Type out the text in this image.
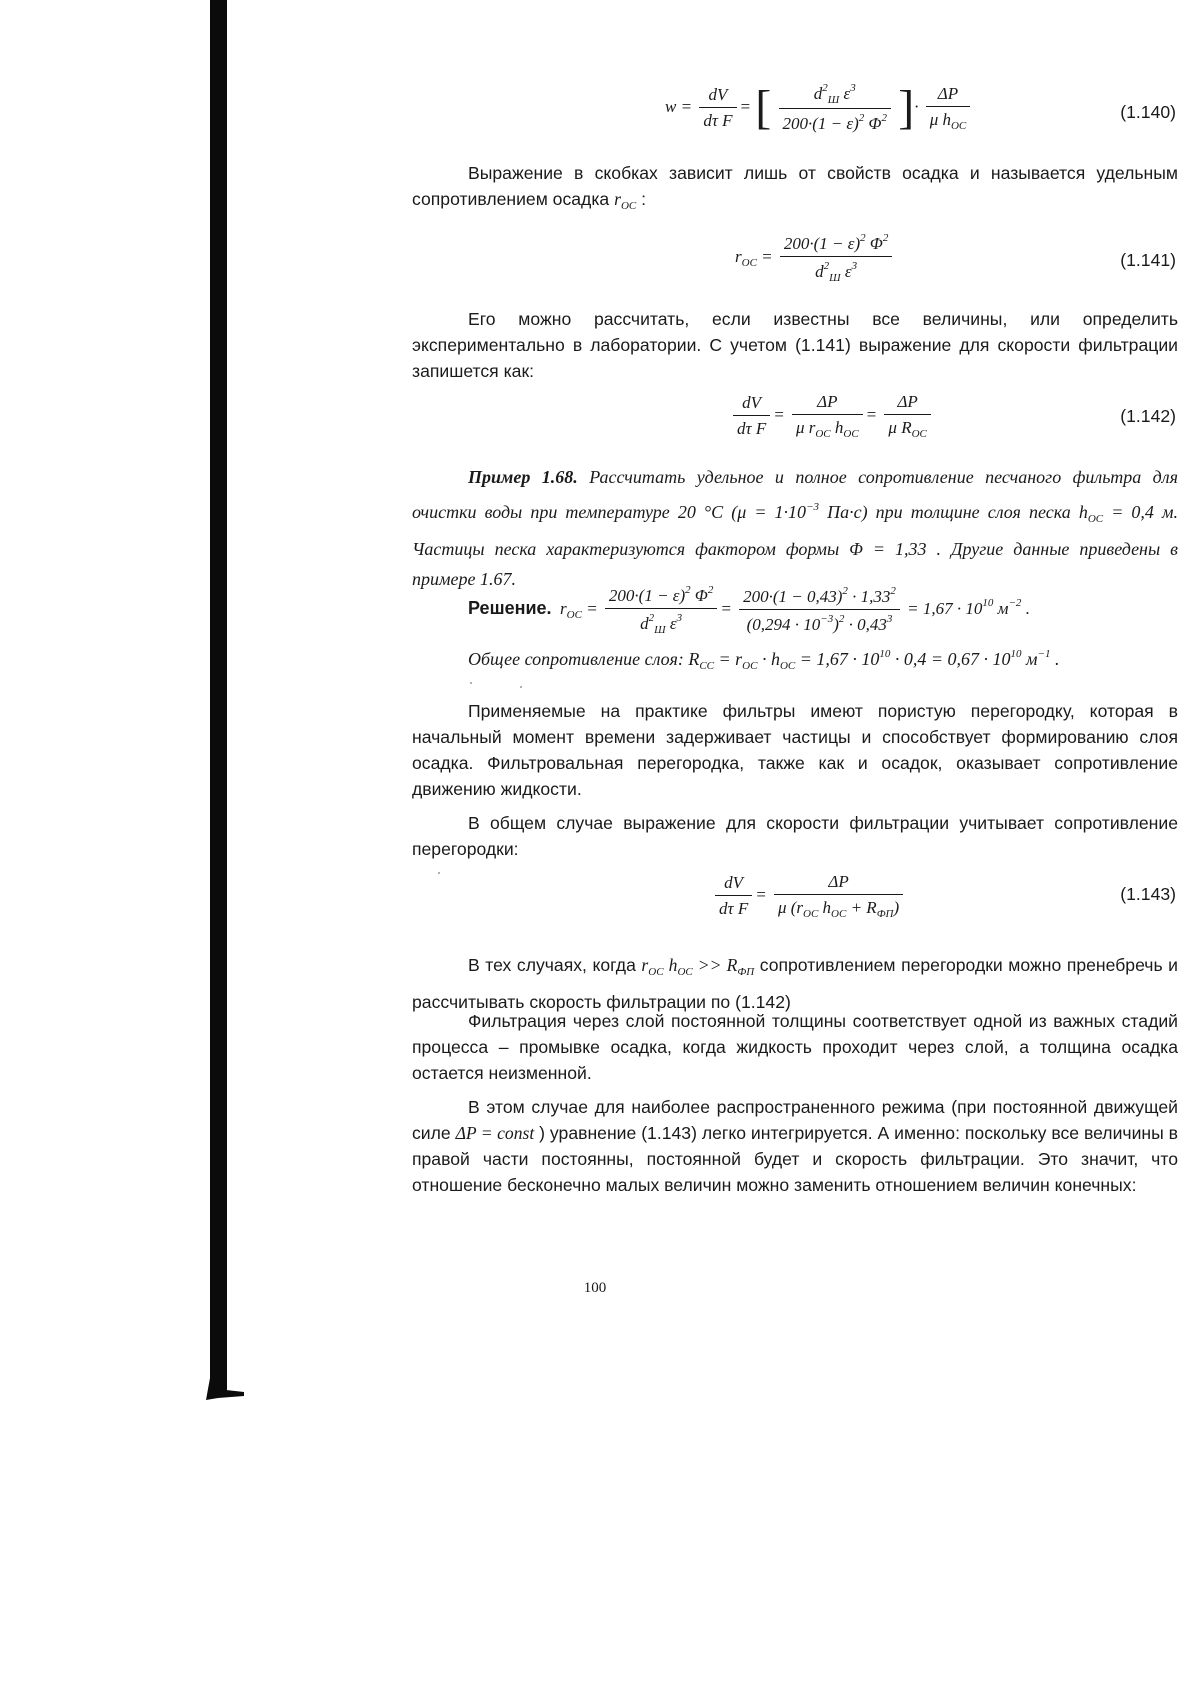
$w = \frac{dV}{\text{dτ F}}$ = [ $\frac{d^2_Ш \varepsilon^3}{200\cdot(1 - \varepsilon)^2 \Phi^2}$ ]· $\frac{\Delta P}{\mu h_{OC}}$	(1.140)

Выражение в скобках зависит лишь от свойств осадка и называется удельным сопротивлением осадка $r_{OC}$ :

$r_{OC} = \frac{200\cdot(1 - \varepsilon)^2 \Phi^2}{d^2_Ш \varepsilon^3}$	(1.141)

Его можно рассчитать, если известны все величины, или определить экспериментально в лаборатории. С учетом (1.141) выражение для скорости фильтрации запишется как:

$\frac{dV}{\text{dτ F}} = \frac{\Delta P}{\mu r_{OC} h_{OC}} = \frac{\Delta P}{\mu R_{OC}}$	(1.142)

Пример 1.68. Рассчитать удельное и полное сопротивление песчаного фильтра для очистки воды при температуре 20 °С ($\mu = 1\cdot 10^{-3}$ Па·с) при толщине слоя песка $h_{OC} = 0,4$ м. Частицы песка характеризуются фактором формы Φ = 1,33 . Другие данные приведены в примере 1.67.

Решение. $r_{OC} = \frac{200\cdot(1 - \varepsilon)^2 \Phi^2}{d^2_Ш \varepsilon^3} = \frac{200\cdot(1 - 0,43)^2 \cdot 1,33^2}{(0,294 \cdot 10^{-3})^2 \cdot 0,43^3} = 1,67 \cdot 10^{10}$ $м^{-2}$ .
Общее сопротивление слоя: $R_{CC} = r_{OC} \cdot h_{OC} = 1,67 \cdot 10^{10} \cdot 0,4 = 0,67 \cdot 10^{10}$ $м^{-1}$ .

Применяемые на практике фильтры имеют пористую перегородку, которая в начальный момент времени задерживает частицы и способствует формированию слоя осадка. Фильтровальная перегородка, также как и осадок, оказывает сопротивление движению жидкости.

В общем случае выражение для скорости фильтрации учитывает сопротивление перегородки:

$\frac{dV}{\text{dτ F}} = \frac{\Delta P}{\mu (r_{OC} h_{OC} + R_{ФП})}$	(1.143)

В тех случаях, когда $r_{OC}$ $h_{OC} >> R_{ФП}$ сопротивлением перегородки можно пренебречь и рассчитывать скорость фильтрации по (1.142)

Фильтрация через слой постоянной толщины соответствует одной из важных стадий процесса – промывке осадка, когда жидкость проходит через слой, а толщина осадка остается неизменной.

В этом случае для наиболее распространенного режима (при постоянной движущей силе ΔP = const ) уравнение (1.143) легко интегрируется. А именно: поскольку все величины в правой части постоянны, постоянной будет и скорость фильтрации. Это значит, что отношение бесконечно малых величин можно заменить отношением величин конечных:

100
